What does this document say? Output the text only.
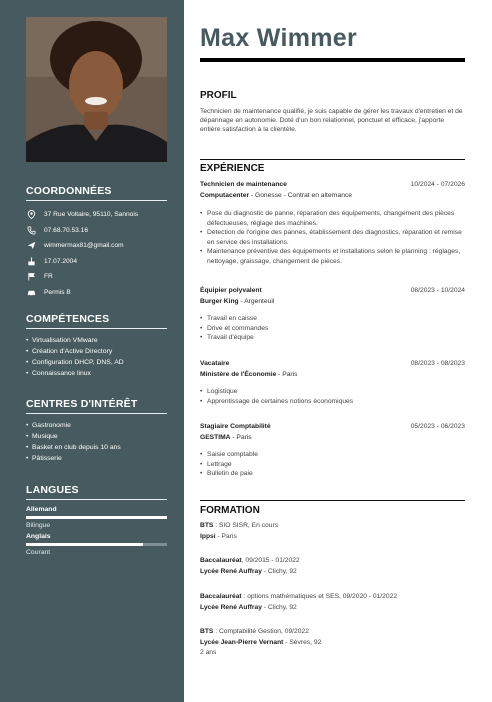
COORDONNÉES
37 Rue Voltaire, 95110, Sannois
07.68.70.53.16
wimmermax81@gmail.com
17.07.2004
FR
Permis B
COMPÉTENCES
• Virtualisation VMware
• Création d'Active Directory
• Configuration DHCP, DNS, AD
• Connaissance linux
CENTRES D'INTÉRÊT
• Gastronomie
• Musique
• Basket en club depuis 10 ans
• Pâtisserie
LANGUES
Allemand
Bilingue
Anglais
Courant
Max Wimmer
PROFIL
Technicien de maintenance qualifié, je suis capable de gérer les travaux d'entretien et de dépannage en autonomie. Doté d'un bon relationnel, ponctuel et efficace, j'apporte entière satisfaction à la clientèle.
EXPÉRIENCE
Technicien de maintenance	10/2024 - 07/2026
Computacenter - Gonesse - Contrat en alternance
• Pose du diagnostic de panne, réparation des équipements, changement des pièces défectueuses, réglage des machines.
• Détection de l'origine des pannes, établissement des diagnostics, réparation et remise en service des installations.
• Maintenance préventive des équipements et installations selon le planning : réglages, nettoyage, graissage, changement de pièces.
Équipier polyvalent	08/2023 - 10/2024
Burger King - Argenteuil
• Travail en caisse
• Drive et commandes
• Travail d'équipe
Vacataire	08/2023 - 08/2023
Ministère de l'Économie - Paris
• Logistique
• Apprentissage de certaines notions économiques
Stagiaire Comptabilité	05/2023 - 06/2023
GESTIMA - Paris
• Saisie comptable
• Lettrage
• Bulletin de paie
FORMATION
BTS : SIO SISR, En cours
Ippsi - Paris
Baccalauréat, 09/2015 - 01/2022
Lycée René Auffray - Clichy, 92
Baccalauréat : options mathématiques et SES, 09/2020 - 01/2022
Lycée René Auffray - Clichy, 92
BTS : Comptabilité Gestion, 09/2022
Lycée Jean-Pierre Vernant - Sèvres, 92
2 ans
